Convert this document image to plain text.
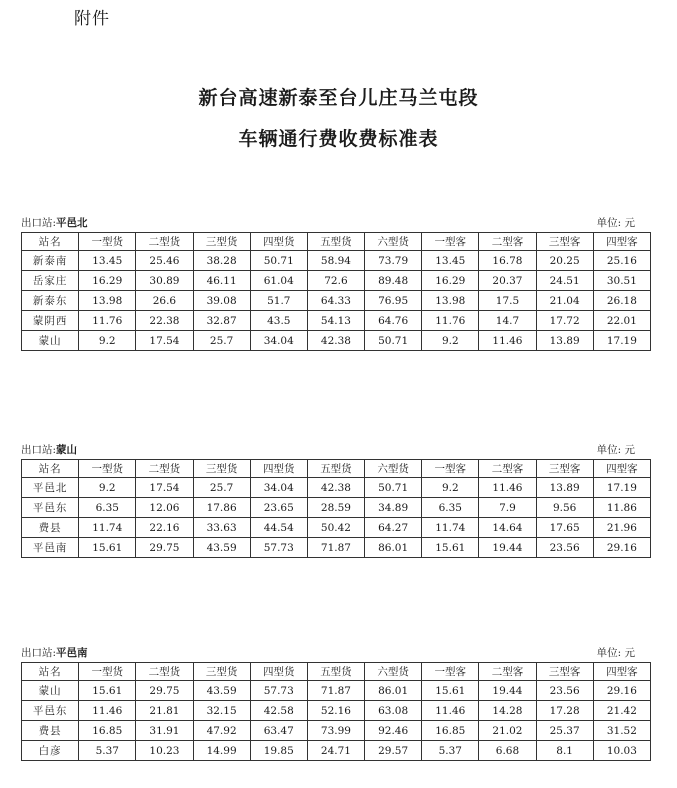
附件
新台高速新泰至台儿庄马兰屯段
车辆通行费收费标准表
出口站:平邑北	单位: 元
站名	一型货	二型货	三型货	四型货	五型货	六型货	一型客	二型客	三型客	四型客
新泰南	13.45	25.46	38.28	50.71	58.94	73.79	13.45	16.78	20.25	25.16
岳家庄	16.29	30.89	46.11	61.04	72.6	89.48	16.29	20.37	24.51	30.51
新泰东	13.98	26.6	39.08	51.7	64.33	76.95	13.98	17.5	21.04	26.18
蒙阴西	11.76	22.38	32.87	43.5	54.13	64.76	11.76	14.7	17.72	22.01
蒙山	9.2	17.54	25.7	34.04	42.38	50.71	9.2	11.46	13.89	17.19
出口站:蒙山	单位: 元
站名	一型货	二型货	三型货	四型货	五型货	六型货	一型客	二型客	三型客	四型客
平邑北	9.2	17.54	25.7	34.04	42.38	50.71	9.2	11.46	13.89	17.19
平邑东	6.35	12.06	17.86	23.65	28.59	34.89	6.35	7.9	9.56	11.86
费县	11.74	22.16	33.63	44.54	50.42	64.27	11.74	14.64	17.65	21.96
平邑南	15.61	29.75	43.59	57.73	71.87	86.01	15.61	19.44	23.56	29.16
出口站:平邑南	单位: 元
站名	一型货	二型货	三型货	四型货	五型货	六型货	一型客	二型客	三型客	四型客
蒙山	15.61	29.75	43.59	57.73	71.87	86.01	15.61	19.44	23.56	29.16
平邑东	11.46	21.81	32.15	42.58	52.16	63.08	11.46	14.28	17.28	21.42
费县	16.85	31.91	47.92	63.47	73.99	92.46	16.85	21.02	25.37	31.52
白彦	5.37	10.23	14.99	19.85	24.71	29.57	5.37	6.68	8.1	10.03
